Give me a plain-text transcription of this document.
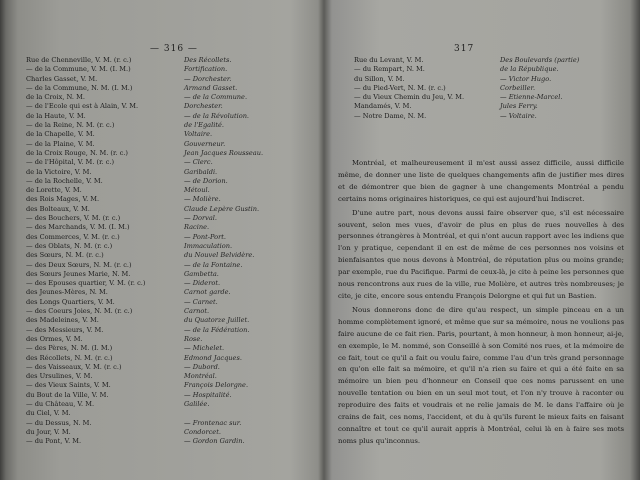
— 316 —
Rue de Chenneville, V. M. (r. c.)	Des Récollets.
— de la Commune, V. M. (I. M.)	Fortification.
Charles Gasset, V. M.	— Dorchester.
— de la Commune, N. M. (I. M.)	Armand Gasset.
de la Croix, N. M.	— de la Commune.
— de l'Ecole qui est à Alain, V. M.	Dorchester.
de la Haute, V. M.	— de la Révolution.
— de la Reine, N. M. (r. c.)	de l'Egalité.
de la Chapelle, V. M.	Voltaire.
— de la Plaine, V. M.	Gouverneur.
de la Croix Rouge, N. M. (r. c.)	Jean Jacques Rousseau.
— de l'Hôpital, V. M. (r. c.)	— Clerc.
de la Victoire, V. M.	Garibaldi.
— de la Rochelle, V. M.	— de Dorion.
de Lorette, V. M.	Métoul.
des Rois Mages, V. M.	— Molière.
des Bolteaux, V. M.	Claude Lepère Gustin.
— des Bouchers, V. M. (r. c.)	— Dorval.
— des Marchands, V. M. (I. M.)	Racine.
des Commerces, V. M. (r. c.)	— Pont-Port.
— des Oblats, N. M. (r. c.)	Immaculation.
des Sœurs, N. M. (r. c.)	du Nouvel Belvidère.
— des Deux Sœurs, N. M. (r. c.)	— de la Fontaine.
des Sœurs Jeunes Marie, N. M.	Gambetta.
— des Epouses quartier, V. M. (r. c.)	— Diderot.
des Jeunes-Mères, N. M.	Carnot garde.
des Longs Quartiers, V. M.	— Carnet.
— des Coeurs Joies, N. M. (r. c.)	Carnot.
des Madeleines, V. M.	du Quatorze Juillet.
— des Messieurs, V. M.	— de la Fédération.
des Ormes, V. M.	Rose.
— des Pères, N. M. (I. M.)	— Michelet.
des Récollets, N. M. (r. c.)	Edmond Jacques.
— des Vaisseaux, V. M. (r. c.)	— Dubord.
des Ursulines, V. M.	Montréal.
— des Vieux Saints, V. M.	François Delorgne.
du Bout de la Ville, V. M.	— Hospitalité.
— du Château, V. M.	Galilée.
du Ciel, V. M.
— du Dessus, N. M.	— Frontenac sur.
du Jour, V. M.	Condorcet.
— du Pont, V. M.	— Gordon Gardin.
317
Rue du Levant, V. M.	Des Boulevards (partie)
— du Rempart, N. M.	de la République.
du Sillon, V. M.	— Victor Hugo.
— du Pied-Vert, N. M. (r. c.)	Corbeiller.
— du Vieux Chemin du Jeu, V. M.	— Etienne-Marcel.
Mandamés, V. M.	Jules Ferry.
— Notre Dame, N. M.	— Voltaire.

Montréal, et malheureusement il m'est aussi assez difficile, aussi difficile même, de donner une liste de quelques changements afin de justifier mes dires et de démontrer que bien de gagner à une changements Montréal a pendu certains noms originaires historiques, ce qui est aujourd'hui Indiscret.

D'une autre part, nous devons aussi faire observer que, s'il est nécessaire souvent, selon mes vues, d'avoir de plus en plus de rues nouvelles à des personnes étrangères à Montréal, et qui n'ont aucun rapport avec les indiens que l'on y pratique, cependant il en est de même de ces personnes nos voisins et bienfaisantes que nous devons à Montréal, de réputation plus ou moins grande; par exemple, rue du Pacifique. Parmi de ceux-là, je cite à peine les personnes que nous rencontrons aux rues de la ville, rue Molière, et autres très nombreuses; je cite, je cite, encore sous entendu François Delorgne et qui fut un Bastien.

Nous donnerons donc de dire qu'au respect, un simple pinceau en a un homme complètement ignoré, et même que sur sa mémoire, nous ne voulions pas faire aucune de ce fait rien. Paris, pourtant, à mon honneur, à mon honneur, ai-je, en exemple, le M. nommé, son Conseillé à son Comité nos rues, et la mémoire de ce fait, tout ce qu'il a fait ou voulu faire, comme l'au d'un très grand personnage en qu'on elle fait sa mémoire, et qu'il n'a rien su faire et qui a été faite en sa mémoire un bien peu d'honneur en Conseil que ces noms parussent en une nouvelle tentation ou bien en un seul mot tout, et l'on n'y trouve à raconter ou reproduire des faits et voudrais et ne relie jamais de M. le dans l'affaire où je crains de fait, ces noms, l'accident, et du à qu'ils furent le mieux faits en faisant connaître et tout ce qu'il aurait appris à Montréal, celui là en à faire ses mots noms plus qu'inconnus.
